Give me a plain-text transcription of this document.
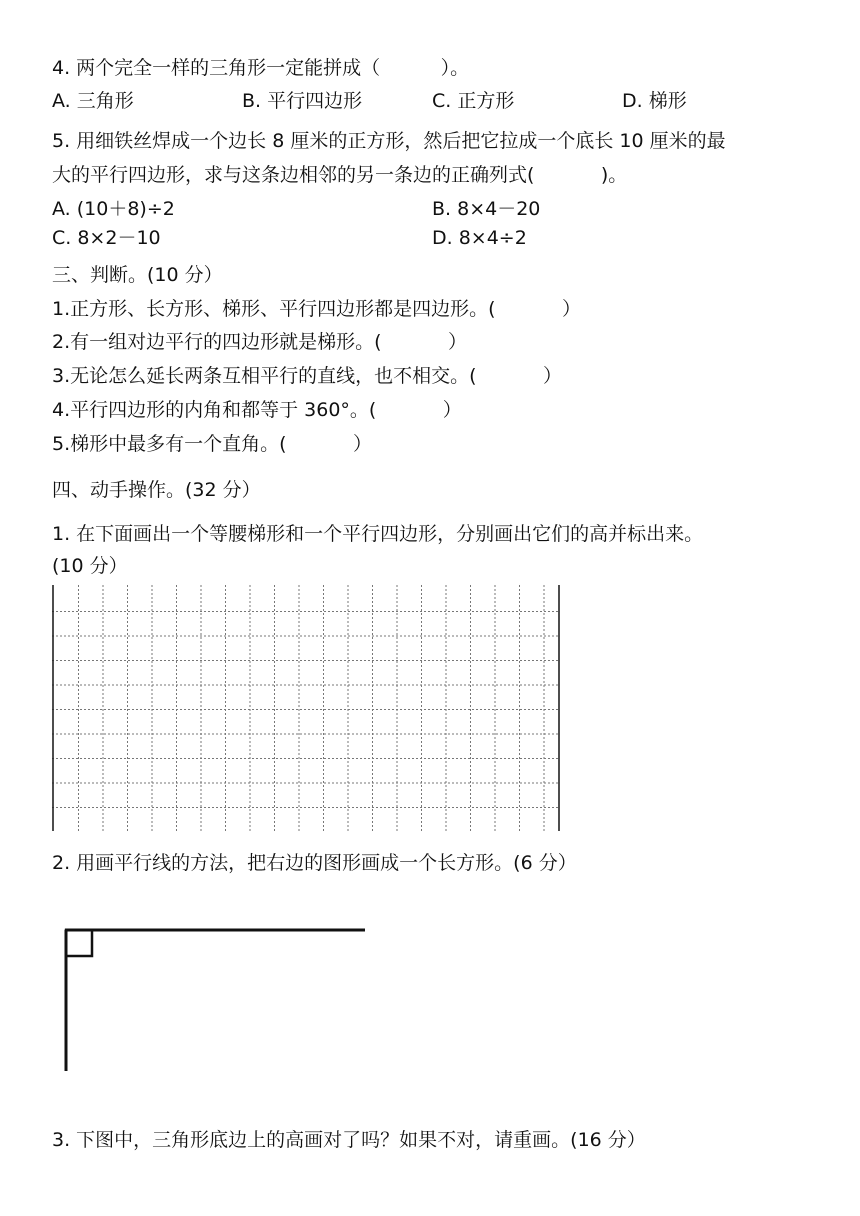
4. 两个完全一样的三角形一定能拼成（          ）。
A. 三角形	B. 平行四边形	C. 正方形	D. 梯形
5. 用细铁丝焊成一个边长 8 厘米的正方形，然后把它拉成一个底长 10 厘米的最
大的平行四边形，求与这条边相邻的另一条边的正确列式(           )。
A. (10＋8)÷2	B. 8×4－20
C. 8×2－10	D. 8×4÷2
三、判断。(10 分）
1.正方形、长方形、梯形、平行四边形都是四边形。(           ）
2.有一组对边平行的四边形就是梯形。(           ）
3.无论怎么延长两条互相平行的直线，也不相交。(           ）
4.平行四边形的内角和都等于 360°。(           ）
5.梯形中最多有一个直角。(           ）
四、动手操作。(32 分）
1. 在下面画出一个等腰梯形和一个平行四边形，分别画出它们的高并标出来。
(10 分）
2. 用画平行线的方法，把右边的图形画成一个长方形。(6 分）
3. 下图中，三角形底边上的高画对了吗？如果不对，请重画。(16 分）
